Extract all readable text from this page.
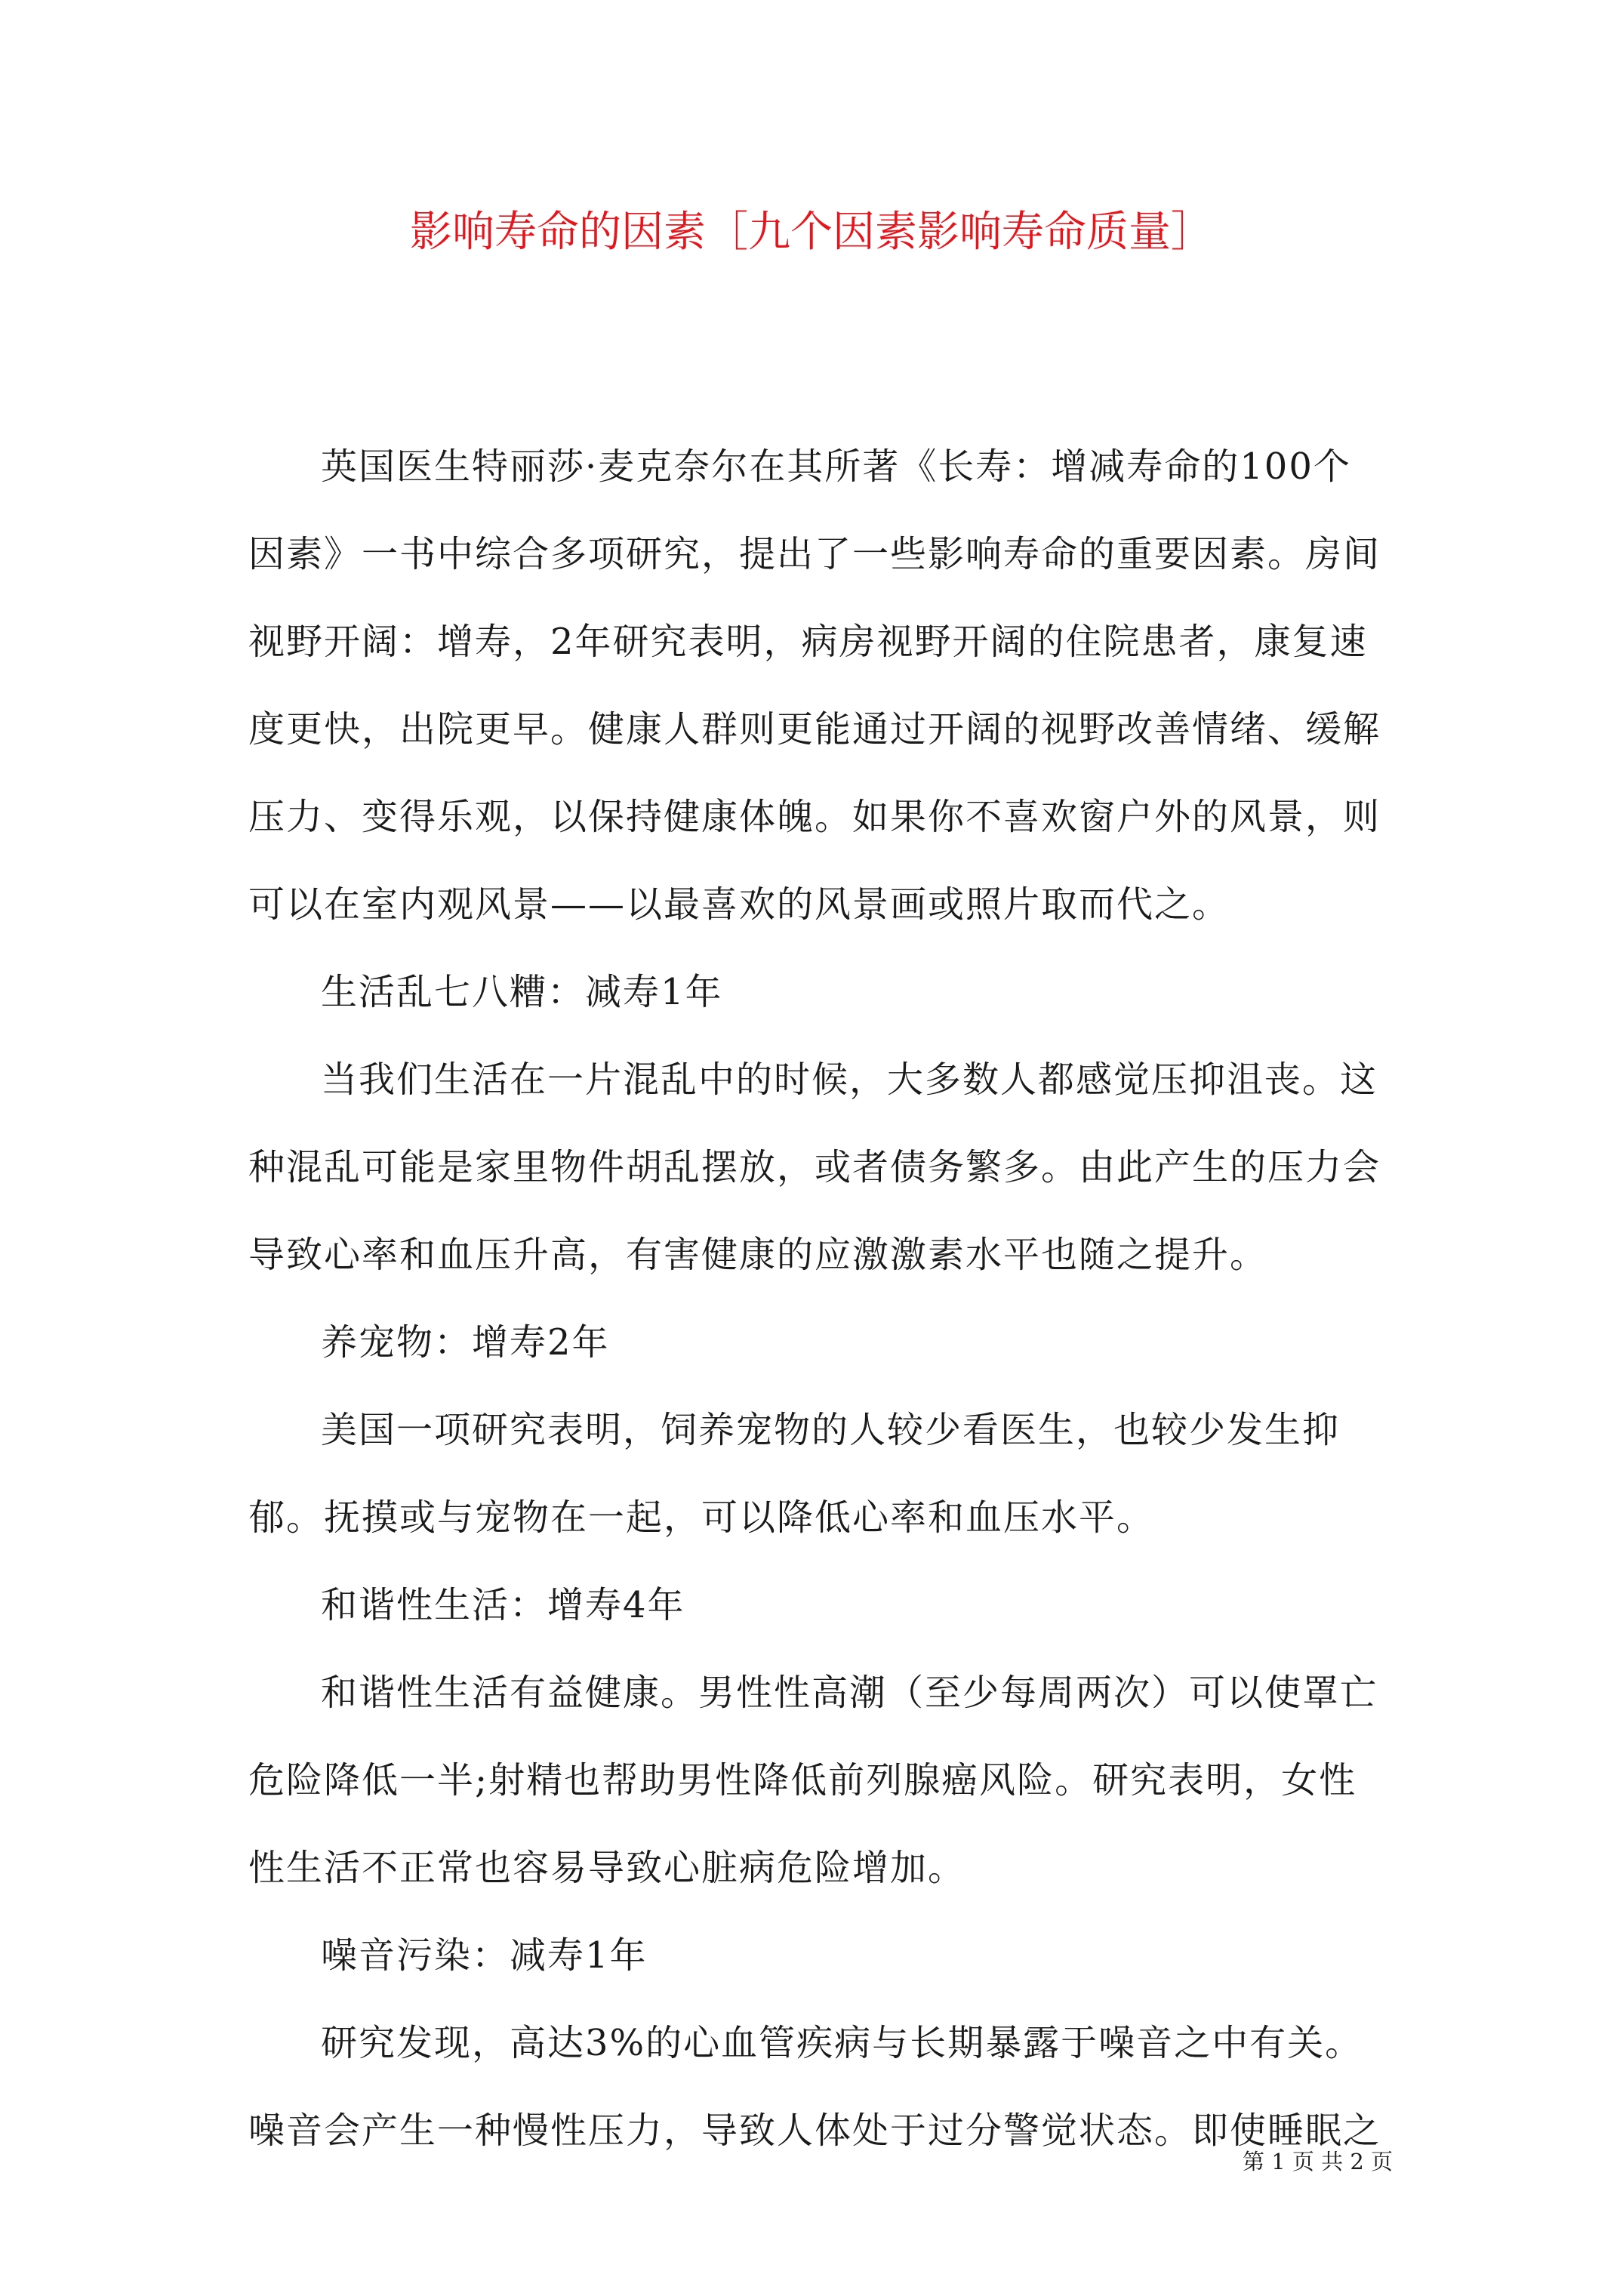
影响寿命的因素［九个因素影响寿命质量］

英国医生特丽莎·麦克奈尔在其所著《长寿：增减寿命的100个因素》一书中综合多项研究，提出了一些影响寿命的重要因素。房间视野开阔：增寿，2年研究表明，病房视野开阔的住院患者，康复速度更快，出院更早。健康人群则更能通过开阔的视野改善情绪、缓解压力、变得乐观，以保持健康体魄。如果你不喜欢窗户外的风景，则可以在室内观风景——以最喜欢的风景画或照片取而代之。

生活乱七八糟：减寿1年

当我们生活在一片混乱中的时候，大多数人都感觉压抑沮丧。这种混乱可能是家里物件胡乱摆放，或者债务繁多。由此产生的压力会导致心率和血压升高，有害健康的应激激素水平也随之提升。

养宠物：增寿2年

美国一项研究表明，饲养宠物的人较少看医生，也较少发生抑郁。抚摸或与宠物在一起，可以降低心率和血压水平。

和谐性生活：增寿4年

和谐性生活有益健康。男性性高潮（至少每周两次）可以使罩亡危险降低一半;射精也帮助男性降低前列腺癌风险。研究表明，女性性生活不正常也容易导致心脏病危险增加。

噪音污染：减寿1年

研究发现，高达3%的心血管疾病与长期暴露于噪音之中有关。噪音会产生一种慢性压力，导致人体处于过分警觉状态。即使睡眠之

第 1 页 共 2 页
